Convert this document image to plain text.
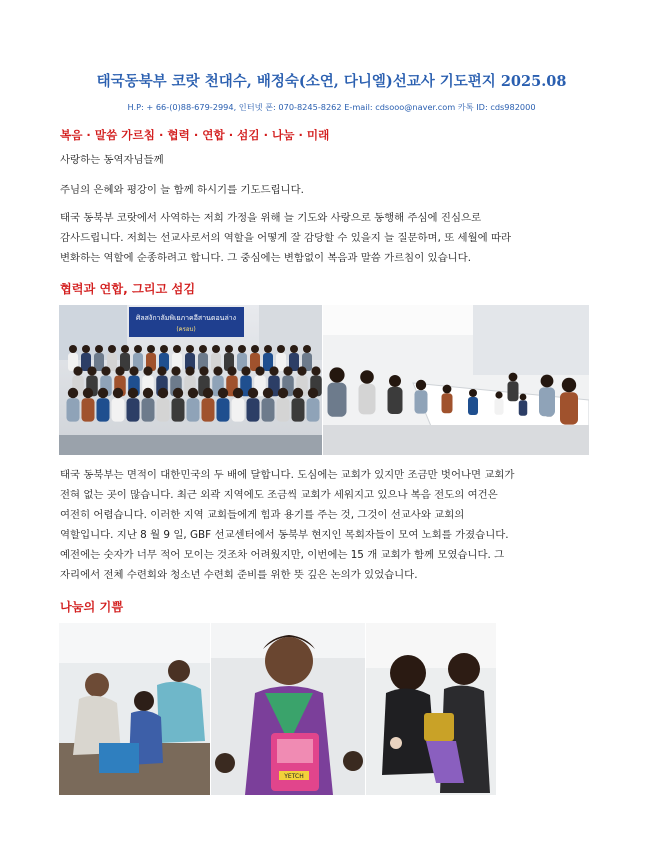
태국동북부 코랏 천대수, 배정숙(소연, 다니엘)선교사 기도편지 2025.08
H.P: + 66-(0)88-679-2994, 인터넷 폰: 070-8245-8262 E-mail: cdsooo@naver.com 카톡 ID: cds982000
복음 · 말씀 가르침 · 협력 · 연합 · 섬김 · 나눔 · 미래

사랑하는 동역자님들께

주님의 은혜와 평강이 늘 함께 하시기를 기도드립니다.

태국 동북부 코랏에서 사역하는 저희 가정을 위해 늘 기도와 사랑으로 동행해 주심에 진심으로
감사드립니다. 저희는 선교사로서의 역할을 어떻게 잘 감당할 수 있을지 늘 질문하며, 또 세월에 따라
변화하는 역할에 순종하려고 합니다. 그 중심에는 변함없이 복음과 말씀 가르침이 있습니다.

협력과 연합, 그리고 섬김
ศิลสงักาลัมพิเยภาคอีสานตอนล่าง
(ครอบ)

태국 동북부는 면적이 대한민국의 두 배에 달합니다. 도심에는 교회가 있지만 조금만 벗어나면 교회가
전혀 없는 곳이 많습니다. 최근 외곽 지역에도 조금씩 교회가 세워지고 있으나 복음 전도의 여건은
여전히 어렵습니다. 이러한 지역 교회들에게 힘과 용기를 주는 것, 그것이 선교사와 교회의
역할입니다. 지난 8 월 9 일, GBF 선교센터에서 동북부 현지인 목회자들이 모여 노회를 가졌습니다.
예전에는 숫자가 너무 적어 모이는 것조차 어려웠지만, 이번에는 15 개 교회가 함께 모였습니다. 그
자리에서 전체 수련회와 청소년 수련회 준비를 위한 뜻 깊은 논의가 있었습니다.

나눔의 기쁨
YETCH
